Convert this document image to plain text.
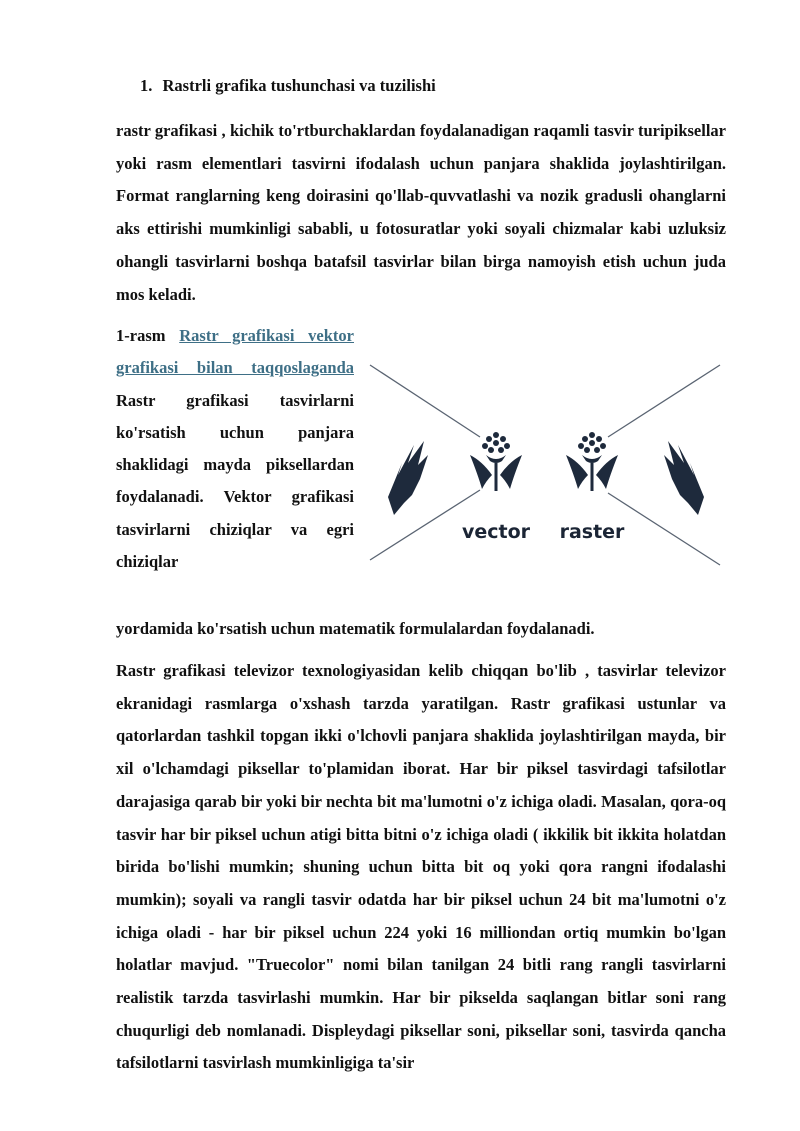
1. Rastrli grafika tushunchasi va tuzilishi

rastr grafikasi , kichik to'rtburchaklardan foydalanadigan raqamli tasvir turipiksellar yoki rasm elementlari tasvirni ifodalash uchun panjara shaklida joylashtirilgan. Format ranglarning keng doirasini qo'llab-quvvatlashi va nozik gradusli ohanglarni aks ettirishi mumkinligi sababli, u fotosuratlar yoki soyali chizmalar kabi uzluksiz ohangli tasvirlarni boshqa batafsil tasvirlar bilan birga namoyish etish uchun juda mos keladi.

1-rasm Rastr grafikasi vektor grafikasi bilan taqqoslaganda Rastr grafikasi tasvirlarni ko'rsatish uchun panjara shaklidagi mayda piksellardan foydalanadi. Vektor grafikasi tasvirlarni chiziqlar va egri chiziqlar

vector raster

yordamida ko'rsatish uchun matematik formulalardan foydalanadi.

Rastr grafikasi televizor texnologiyasidan kelib chiqqan bo'lib , tasvirlar televizor ekranidagi rasmlarga o'xshash tarzda yaratilgan. Rastr grafikasi ustunlar va qatorlardan tashkil topgan ikki o'lchovli panjara shaklida joylashtirilgan mayda, bir xil o'lchamdagi piksellar to'plamidan iborat. Har bir piksel tasvirdagi tafsilotlar darajasiga qarab bir yoki bir nechta bit ma'lumotni o'z ichiga oladi. Masalan, qora-oq tasvir har bir piksel uchun atigi bitta bitni o'z ichiga oladi ( ikkilik bit ikkita holatdan birida bo'lishi mumkin; shuning uchun bitta bit oq yoki qora rangni ifodalashi mumkin); soyali va rangli tasvir odatda har bir piksel uchun 24 bit ma'lumotni o'z ichiga oladi - har bir piksel uchun 224 yoki 16 milliondan ortiq mumkin bo'lgan holatlar mavjud. "Truecolor" nomi bilan tanilgan 24 bitli rang rangli tasvirlarni realistik tarzda tasvirlashi mumkin. Har bir pikselda saqlangan bitlar soni rang chuqurligi deb nomlanadi. Displeydagi piksellar soni, piksellar soni, tasvirda qancha tafsilotlarni tasvirlash mumkinligiga ta'sir
